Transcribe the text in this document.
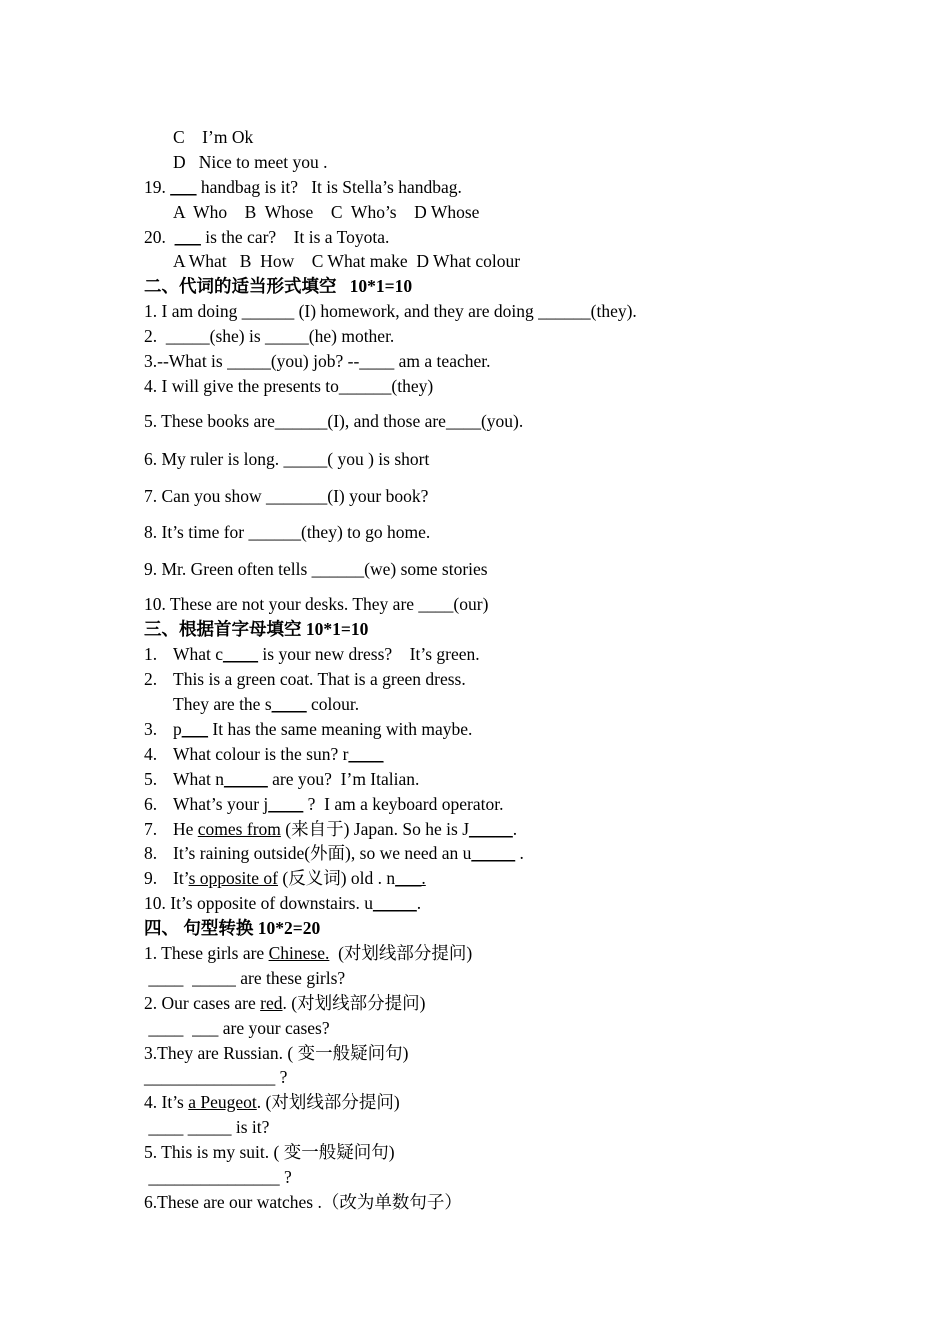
C    I’m Ok
D   Nice to meet you .
19. ___ handbag is it?   It is Stella’s handbag.
A  Who    B  Whose    C  Who’s    D Whose
20. ___ is the car?    It is a Toyota.
A What   B  How    C What make  D What colour
二、代词的适当形式填空   10*1=10
1. I am doing ______ (I) homework, and they are doing ______(they).
2.  _____(she) is _____(he) mother.
3.--What is _____(you) job? --____ am a teacher.
4. I will give the presents to______(they)
5. These books are______(I), and those are____(you).
6. My ruler is long. _____( you ) is short
7. Can you show _______(I) your book?
8. It’s time for ______(they) to go home.
9. Mr. Green often tells ______(we) some stories
10. These are not your desks. They are ____(our)
三、根据首字母填空 10*1=10
1. What c____ is your new dress?    It’s green.
2. This is a green coat. That is a green dress.
They are the s____ colour.
3. p___ It has the same meaning with maybe.
4. What colour is the sun? r____
5. What n_____ are you?  I’m Italian.
6. What’s your j____ ?  I am a keyboard operator.
7. He comes from (来自于) Japan. So he is J_____.
8. It’s raining outside(外面), so we need an u_____ .
9. It’s opposite of (反义词) old . n___.
10. It’s opposite of downstairs. u_____.
四、 句型转换 10*2=20
1. These girls are Chinese.  (对划线部分提问)
____  _____ are these girls?
2. Our cases are red. (对划线部分提问)
____  ___ are your cases?
3.They are Russian. ( 变一般疑问句)
_______________ ?
4. It’s a Peugeot. (对划线部分提问)
____ _____ is it?
5. This is my suit. ( 变一般疑问句)
_______________ ?
6.These are our watches .（改为单数句子）
